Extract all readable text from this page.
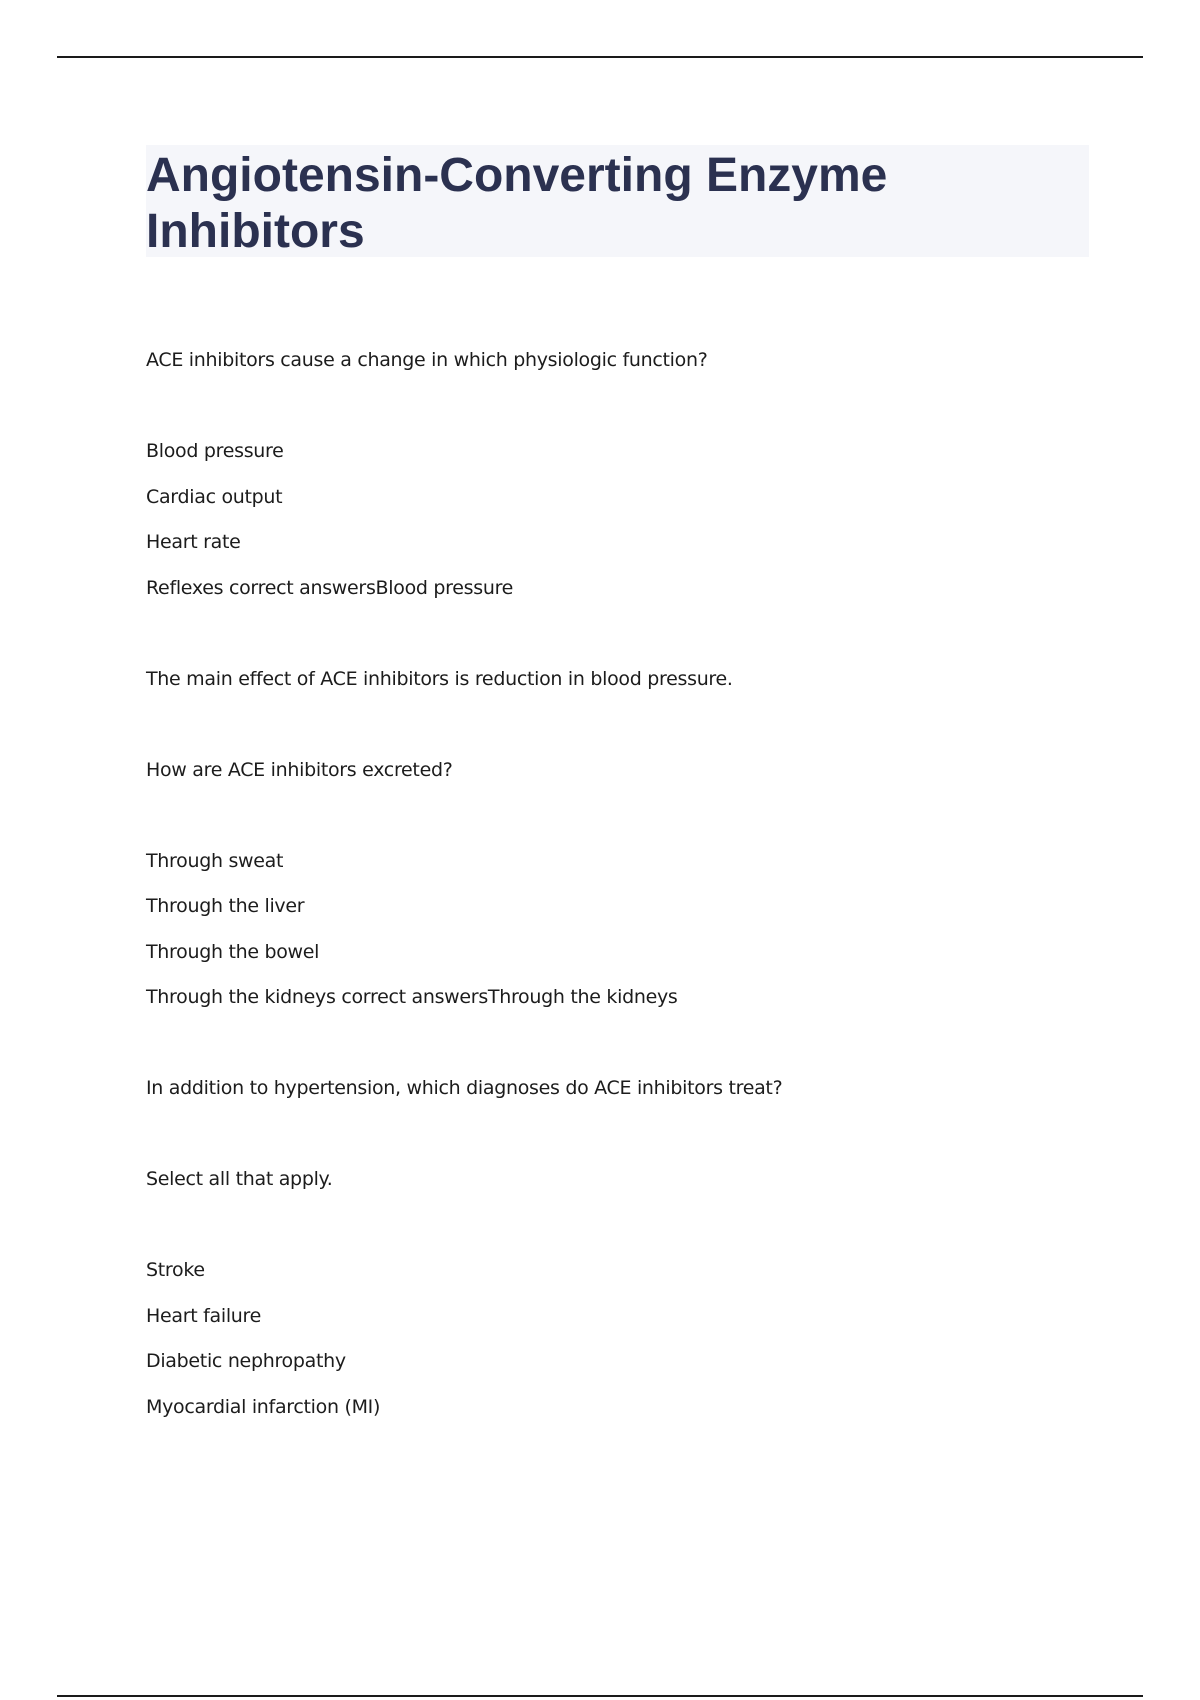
Angiotensin-Converting Enzyme Inhibitors
ACE inhibitors cause a change in which physiologic function?
Blood pressure
Cardiac output
Heart rate
Reflexes correct answersBlood pressure
The main effect of ACE inhibitors is reduction in blood pressure.
How are ACE inhibitors excreted?
Through sweat
Through the liver
Through the bowel
Through the kidneys correct answersThrough the kidneys
In addition to hypertension, which diagnoses do ACE inhibitors treat?
Select all that apply.
Stroke
Heart failure
Diabetic nephropathy
Myocardial infarction (MI)
